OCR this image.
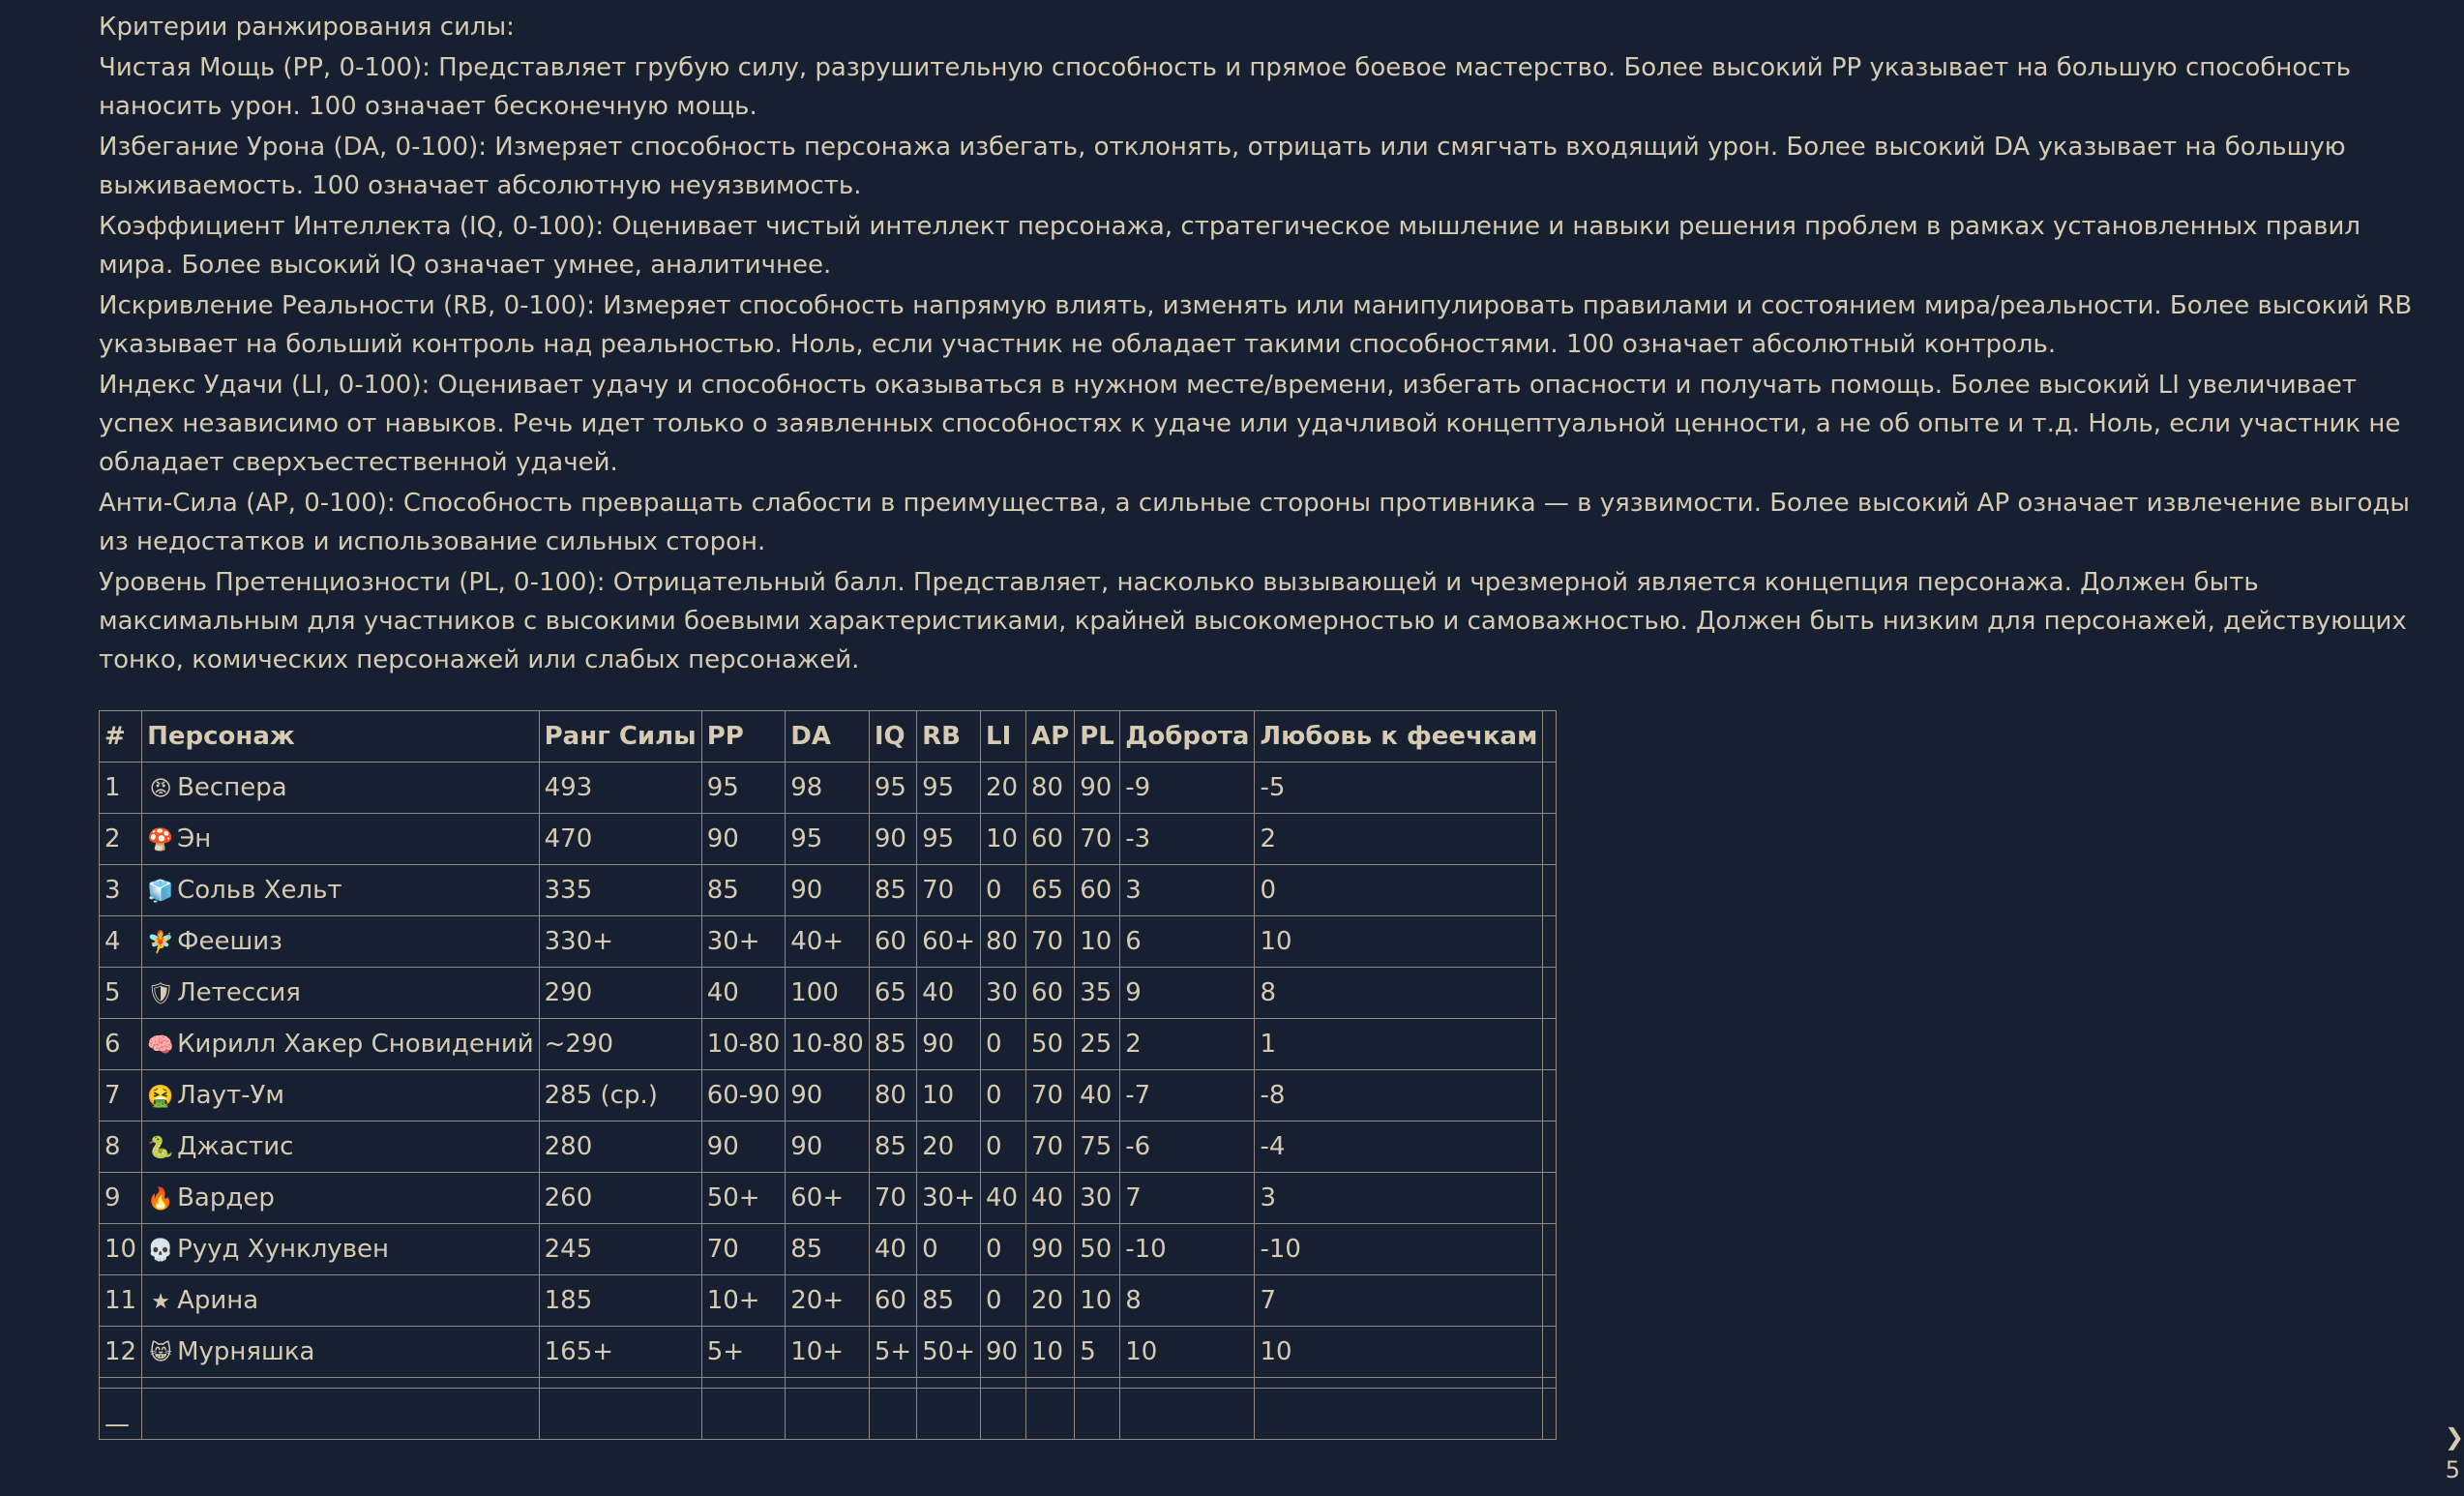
Критерии ранжирования силы:

Чистая Мощь (PP, 0-100): Представляет грубую силу, разрушительную способность и прямое боевое мастерство. Более высокий PP указывает на большую способность наносить урон. 100 означает бесконечную мощь.

Избегание Урона (DA, 0-100): Измеряет способность персонажа избегать, отклонять, отрицать или смягчать входящий урон. Более высокий DA указывает на большую выживаемость. 100 означает абсолютную неуязвимость.

Коэффициент Интеллекта (IQ, 0-100): Оценивает чистый интеллект персонажа, стратегическое мышление и навыки решения проблем в рамках установленных правил мира. Более высокий IQ означает умнее, аналитичнее.

Искривление Реальности (RB, 0-100): Измеряет способность напрямую влиять, изменять или манипулировать правилами и состоянием мира/реальности. Более высокий RB указывает на больший контроль над реальностью. Ноль, если участник не обладает такими способностями. 100 означает абсолютный контроль.

Индекс Удачи (LI, 0-100): Оценивает удачу и способность оказываться в нужном месте/времени, избегать опасности и получать помощь. Более высокий LI увеличивает успех независимо от навыков. Речь идет только о заявленных способностях к удаче или удачливой концептуальной ценности, а не об опыте и т.д. Ноль, если участник не обладает сверхъестественной удачей.

Анти-Сила (AP, 0-100): Способность превращать слабости в преимущества, а сильные стороны противника — в уязвимости. Более высокий AP означает извлечение выгоды из недостатков и использование сильных сторон.

Уровень Претенциозности (PL, 0-100): Отрицательный балл. Представляет, насколько вызывающей и чрезмерной является концепция персонажа. Должен быть максимальным для участников с высокими боевыми характеристиками, крайней высокомерностью и самоважностью. Должен быть низким для персонажей, действующих тонко, комических персонажей или слабых персонажей.

#	Персонаж	Ранг Силы	PP	DA	IQ	RB	LI	AP	PL	Доброта	Любовь к феечкам	
1	😡 Веспера	493	95	98	95	95	20	80	90	-9	-5	
2	🍄 Эн	470	90	95	90	95	10	60	70	-3	2	
3	🧊 Сольв Хельт	335	85	90	85	70	0	65	60	3	0	
4	🧚 Феешиз	330+	30+	40+	60	60+	80	70	10	6	10	
5	🛡 Летессия	290	40	100	65	40	30	60	35	9	8	
6	🧠 Кирилл Хакер Сновидений	~290	10-80	10-80	85	90	0	50	25	2	1	
7	🤮 Лаут-Ум	285 (ср.)	60-90	90	80	10	0	70	40	-7	-8	
8	🐍 Джастис	280	90	90	85	20	0	70	75	-6	-4	
9	🔥 Вардер	260	50+	60+	70	30+	40	40	30	7	3	
10	💀 Рууд Хунклувен	245	70	85	40	0	0	90	50	-10	-10	
11	★ Арина	185	10+	20+	60	85	0	20	10	8	7	
12	😸 Мурняшка	165+	5+	10+	5+	50+	90	10	5	10	10	

—													❯
5
